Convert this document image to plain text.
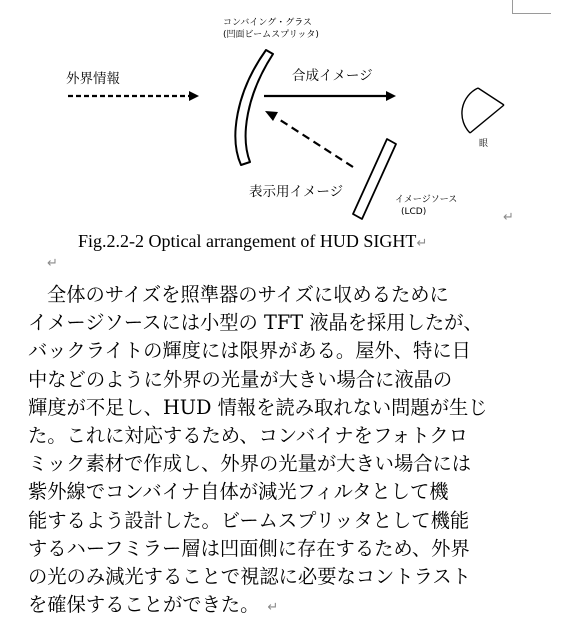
コンバイング・グラス
(凹面ビームスプリッタ)
外界情報	合成イメージ
表示用イメージ	イメージソース
(LCD)
眼
↵
Fig.2.2-2 Optical arrangement of HUD SIGHT↵
↵
全体のサイズを照準器のサイズに収めるために
イメージソースには小型の TFT 液晶を採用したが、
バックライトの輝度には限界がある。屋外、特に日
中などのように外界の光量が大きい場合に液晶の
輝度が不足し、HUD 情報を読み取れない問題が生じ
た。これに対応するため、コンバイナをフォトクロ
ミック素材で作成し、外界の光量が大きい場合には
紫外線でコンバイナ自体が減光フィルタとして機
能するよう設計した。ビームスプリッタとして機能
するハーフミラー層は凹面側に存在するため、外界
の光のみ減光することで視認に必要なコントラスト
を確保することができた。 ↵
